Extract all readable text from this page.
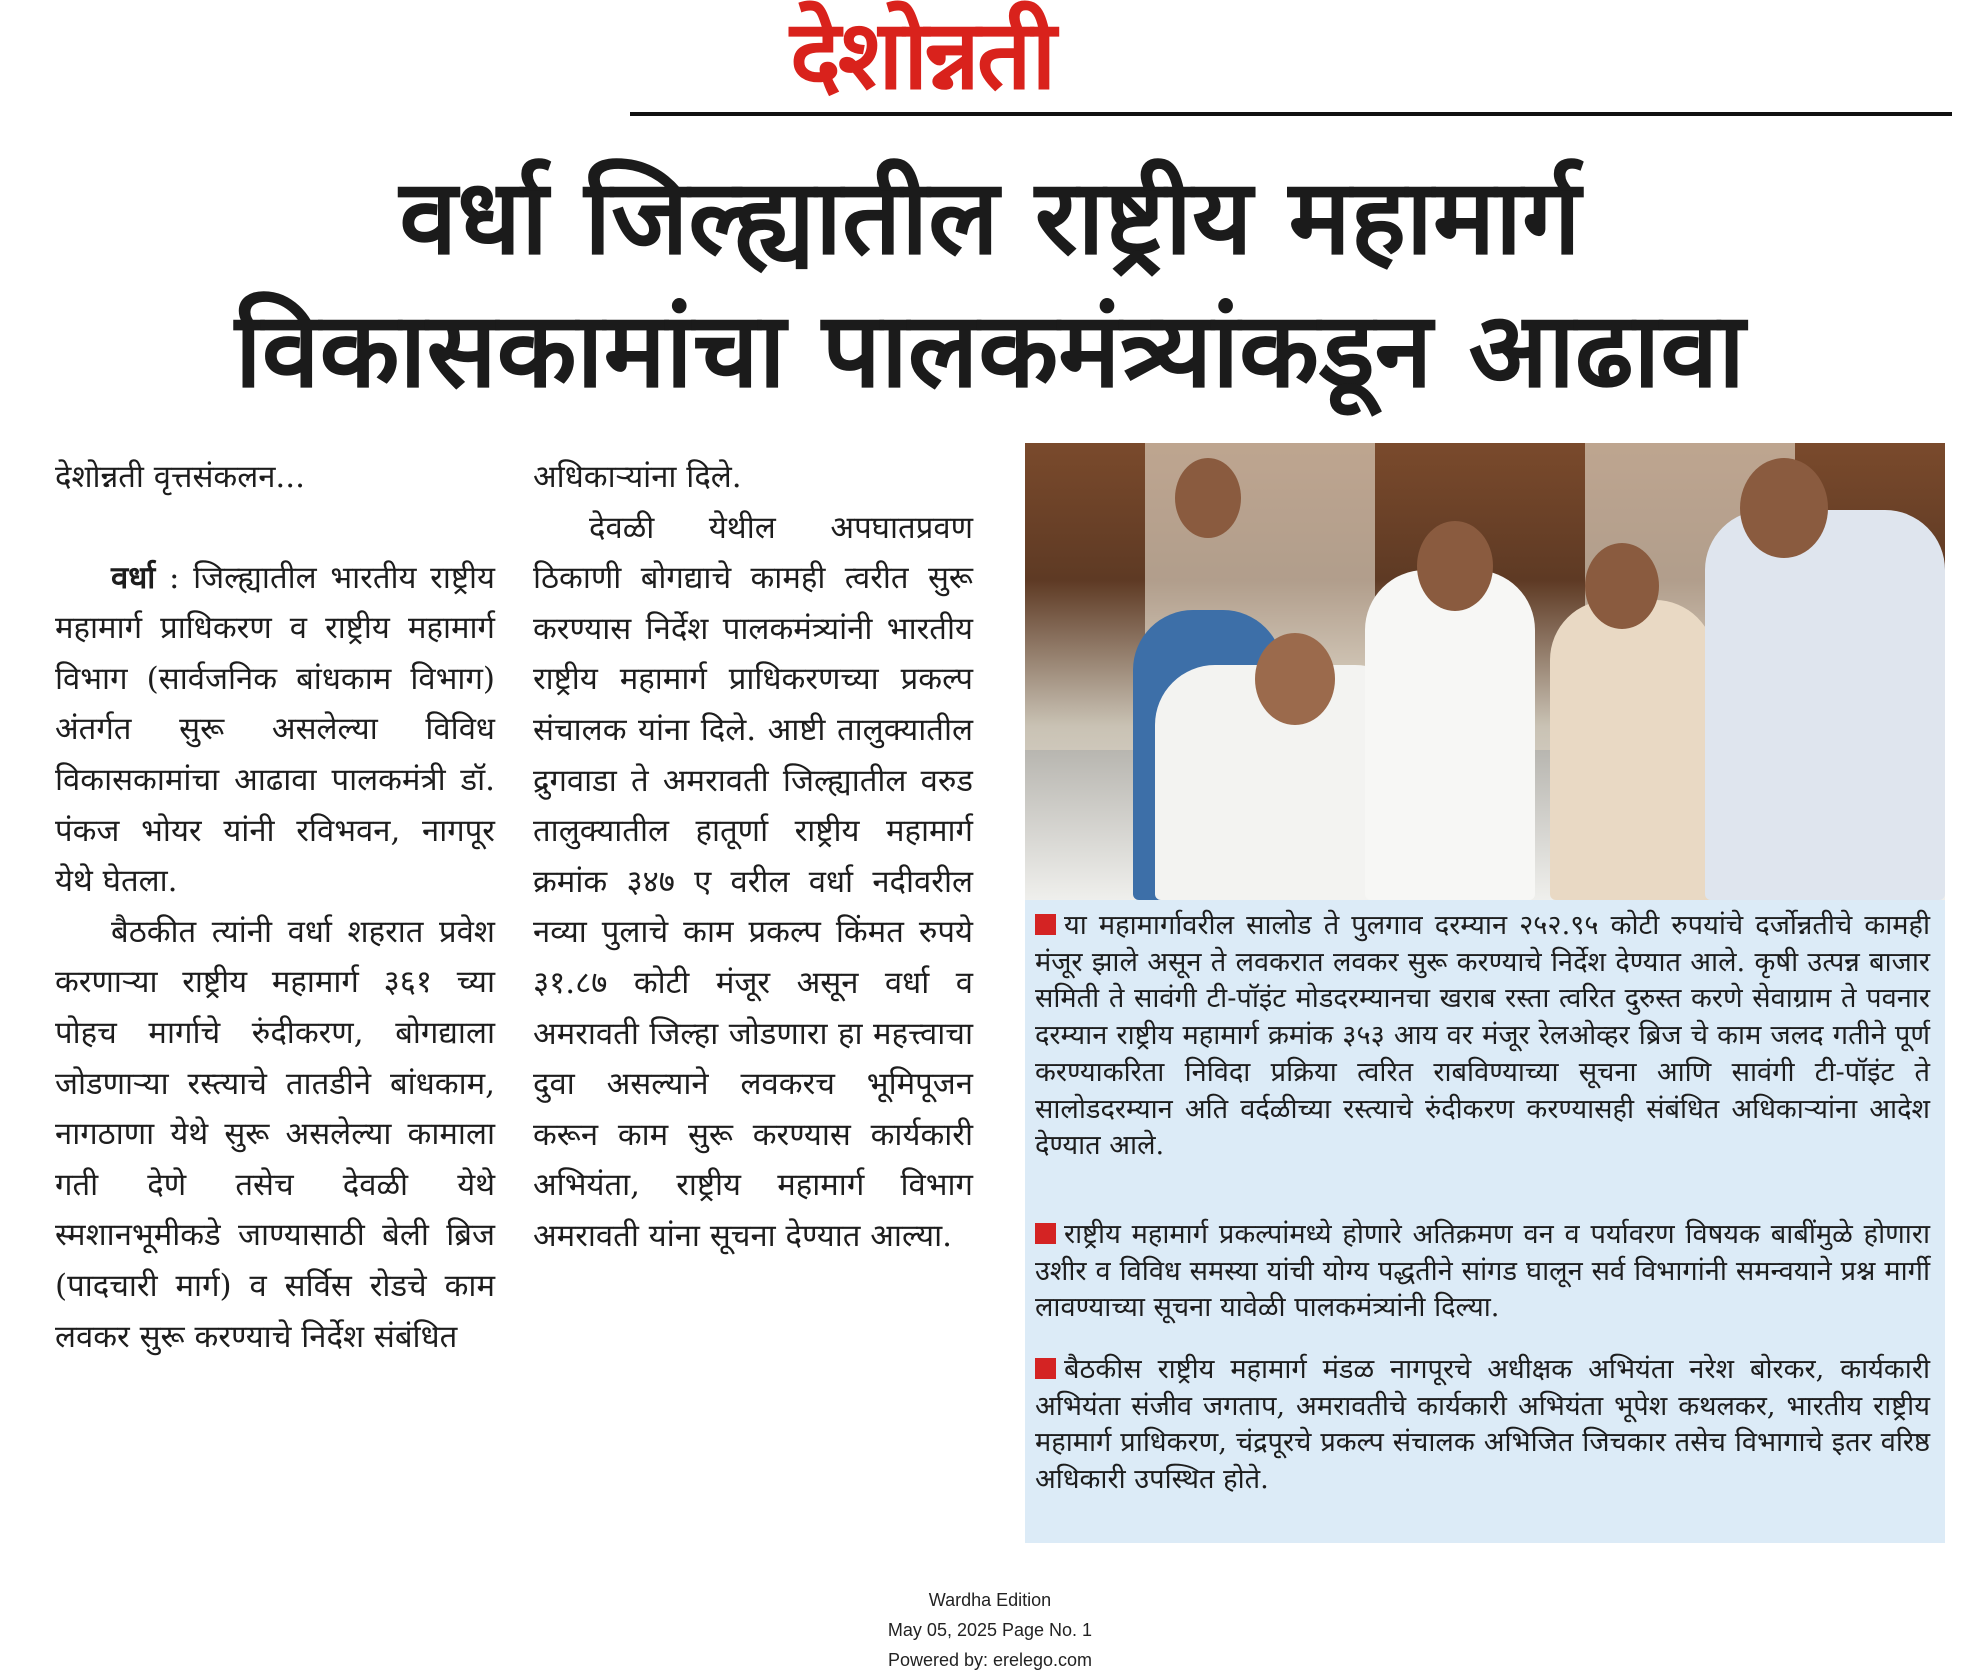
देशोन्नती
वर्धा जिल्ह्यातील राष्ट्रीय महामार्ग
विकासकामांचा पालकमंत्र्यांकडून आढावा

देशोन्नती वृत्तसंकलन...

वर्धा : जिल्ह्यातील भारतीय राष्ट्रीय महामार्ग प्राधिकरण व राष्ट्रीय महामार्ग विभाग (सार्वजनिक बांधकाम विभाग) अंतर्गत सुरू असलेल्या विविध विकासकामांचा आढावा पालकमंत्री डॉ. पंकज भोयर यांनी रविभवन, नागपूर येथे घेतला.

बैठकीत त्यांनी वर्धा शहरात प्रवेश करणाऱ्या राष्ट्रीय महामार्ग ३६१ च्या पोहच मार्गाचे रुंदीकरण, बोगद्याला जोडणाऱ्या रस्त्याचे तातडीने बांधकाम, नागठाणा येथे सुरू असलेल्या कामाला गती देणे तसेच देवळी येथे स्मशानभूमीकडे जाण्यासाठी बेली ब्रिज (पादचारी मार्ग) व सर्विस रोडचे काम लवकर सुरू करण्याचे निर्देश संबंधित

अधिकाऱ्यांना दिले.

देवळी येथील अपघातप्रवण ठिकाणी बोगद्याचे कामही त्वरीत सुरू करण्यास निर्देश पालकमंत्र्यांनी भारतीय राष्ट्रीय महामार्ग प्राधिकरणच्या प्रकल्प संचालक यांना दिले. आष्टी तालुक्यातील द्रुगवाडा ते अमरावती जिल्ह्यातील वरुड तालुक्यातील हातूर्णा राष्ट्रीय महामार्ग क्रमांक ३४७ ए वरील वर्धा नदीवरील नव्या पुलाचे काम प्रकल्प किंमत रुपये ३१.८७ कोटी मंजूर असून वर्धा व अमरावती जिल्हा जोडणारा हा महत्त्वाचा दुवा असल्याने लवकरच भूमिपूजन करून काम सुरू करण्यास कार्यकारी अभियंता, राष्ट्रीय महामार्ग विभाग अमरावती यांना सूचना देण्यात आल्या.

या महामार्गावरील सालोड ते पुलगाव दरम्यान २५२.९५ कोटी रुपयांचे दर्जोन्नतीचे कामही मंजूर झाले असून ते लवकरात लवकर सुरू करण्याचे निर्देश देण्यात आले. कृषी उत्पन्न बाजार समिती ते सावंगी टी-पॉइंट मोडदरम्यानचा खराब रस्ता त्वरित दुरुस्त करणे सेवाग्राम ते पवनार दरम्यान राष्ट्रीय महामार्ग क्रमांक ३५३ आय वर मंजूर रेलओव्हर ब्रिज चे काम जलद गतीने पूर्ण करण्याकरिता निविदा प्रक्रिया त्वरित राबविण्याच्या सूचना आणि सावंगी टी-पॉइंट ते सालोडदरम्यान अति वर्दळीच्या रस्त्याचे रुंदीकरण करण्यासही संबंधित अधिकाऱ्यांना आदेश देण्यात आले.

राष्ट्रीय महामार्ग प्रकल्पांमध्ये होणारे अतिक्रमण वन व पर्यावरण विषयक बाबींमुळे होणारा उशीर व विविध समस्या यांची योग्य पद्धतीने सांगड घालून सर्व विभागांनी समन्वयाने प्रश्न मार्गी लावण्याच्या सूचना यावेळी पालकमंत्र्यांनी दिल्या.

बैठकीस राष्ट्रीय महामार्ग मंडळ नागपूरचे अधीक्षक अभियंता नरेश बोरकर, कार्यकारी अभियंता संजीव जगताप, अमरावतीचे कार्यकारी अभियंता भूपेश कथलकर, भारतीय राष्ट्रीय महामार्ग प्राधिकरण, चंद्रपूरचे प्रकल्प संचालक अभिजित जिचकार तसेच विभागाचे इतर वरिष्ठ अधिकारी उपस्थित होते.

Wardha Edition
May 05, 2025 Page No. 1
Powered by: erelego.com
